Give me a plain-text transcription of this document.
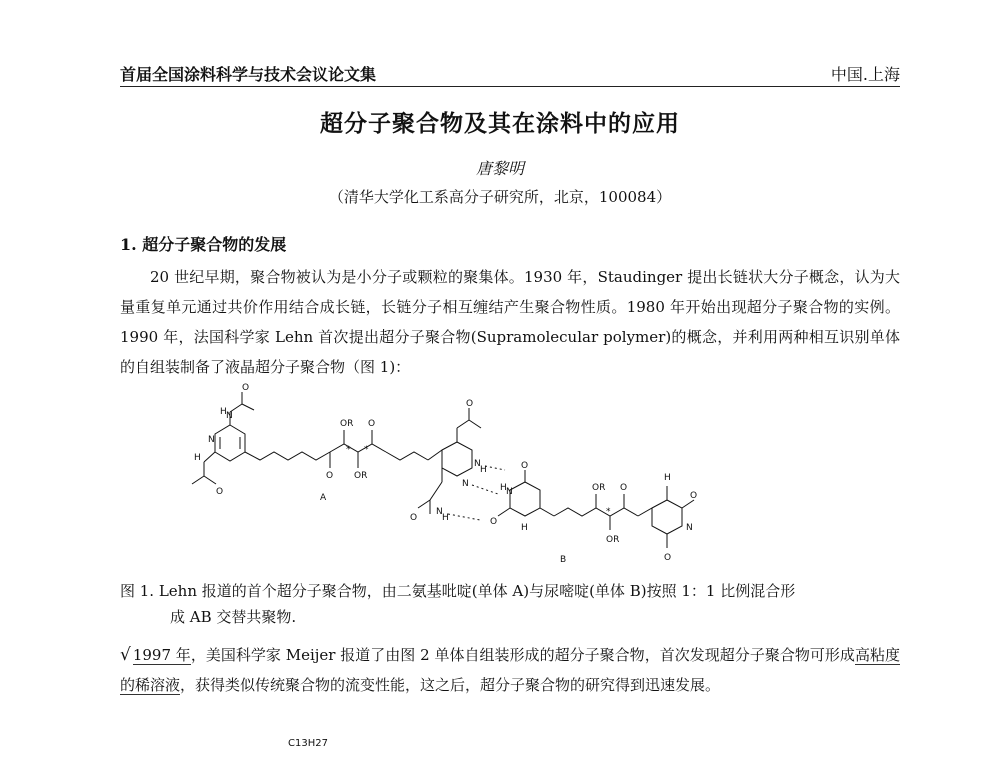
首届全国涂料科学与技术会议论文集	中国.上海
超分子聚合物及其在涂料中的应用
唐黎明
（清华大学化工系高分子研究所，北京，100084）
1. 超分子聚合物的发展
20 世纪早期，聚合物被认为是小分子或颗粒的聚集体。1930 年，Staudinger 提出长链状大分子概念，认为大量重复单元通过共价作用结合成长链，长链分子相互缠结产生聚合物性质。1980 年开始出现超分子聚合物的实例。1990 年，法国科学家 Lehn 首次提出超分子聚合物(Supramolecular polymer)的概念，并利用两种相互识别单体的自组装制备了液晶超分子聚合物（图 1)：
O
H N
N
H
O
OR O
O OR
* *
A
O
N
H
N
N
H
O
O
H N
O
H
OR O
OR
*
H
O
N
O
B
图 1. Lehn 报道的首个超分子聚合物，由二氨基吡啶(单体 A)与尿嘧啶(单体 B)按照 1：1 比例混合形
成 AB 交替共聚物.
√ 1997 年，美国科学家 Meijer 报道了由图 2 单体自组装形成的超分子聚合物，首次发现超分子聚合物可形成高粘度的稀溶液，获得类似传统聚合物的流变性能，这之后，超分子聚合物的研究得到迅速发展。
C13H27
